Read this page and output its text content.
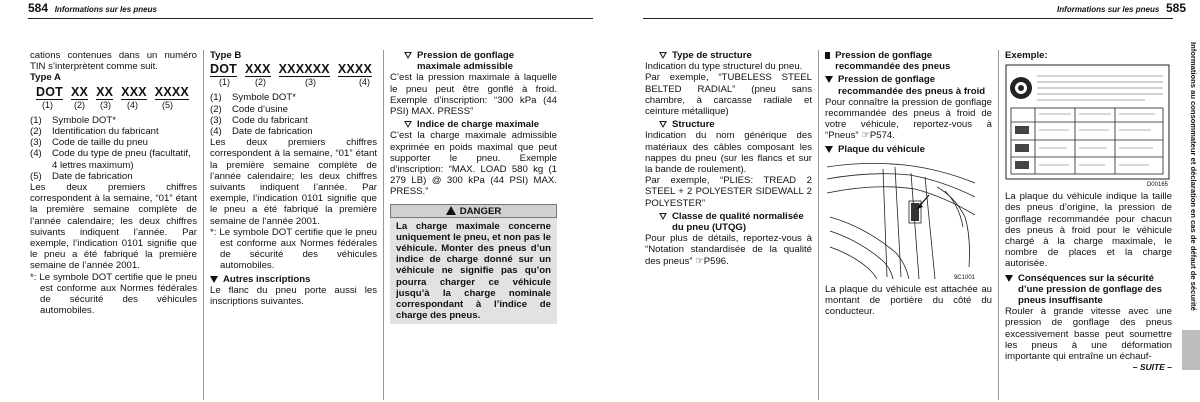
584 Informations sur les pneus
cations contenues dans un numéro TIN s’interprètent comme suit.
Type A
DOT XX XX XXX XXXX
(1)	(2)	(3)	(4)	(5)
(1)	Symbole DOT*
(2)	Identification du fabricant
(3)	Code de taille du pneu
(4)	Code du type de pneu (facultatif, 4 lettres maximum)
(5)	Date de fabrication
Les deux premiers chiffres correspondent à la semaine, “01” étant la première semaine complète de l’année calendaire; les deux chiffres suivants indiquent l’année. Par exemple, l’indication 0101 signifie que le pneu a été fabriqué la première semaine de l’année 2001.
*: Le symbole DOT certifie que le pneu est conforme aux Normes fédérales de sécurité des véhicules automobiles.
Type B
DOT XXX XXXXXX XXXX
(1)	(2)	(3)	(4)
(1)	Symbole DOT*
(2)	Code d’usine
(3)	Code du fabricant
(4)	Date de fabrication
Les deux premiers chiffres correspondent à la semaine, “01” étant la première semaine complète de l’année calendaire; les deux chiffres suivants indiquent l’année. Par exemple, l’indication 0101 signifie que le pneu a été fabriqué la première semaine de l’année 2001.
*: Le symbole DOT certifie que le pneu est conforme aux Normes fédérales de sécurité des véhicules automobiles.
Autres inscriptions
Le flanc du pneu porte aussi les inscriptions suivantes.
Pression de gonflage maximale admissible
C’est la pression maximale à laquelle le pneu peut être gonflé à froid. Exemple d’inscription: “300 kPa (44 PSI) MAX. PRESS”
Indice de charge maximale
C’est la charge maximale admissible exprimée en poids maximal que peut supporter le pneu. Exemple d’inscription: “MAX. LOAD 580 kg (1 279 LB) @ 300 kPa (44 PSI) MAX. PRESS.”
DANGER
La charge maximale concerne uniquement le pneu, et non pas le véhicule. Monter des pneus d’un indice de charge donné sur un véhicule ne signifie pas qu’on pourra charger ce véhicule jusqu’à la charge nominale correspondant à l’indice de charge des pneus.
Informations sur les pneus 585
Informations au consommateur et déclaration en cas de défaut de sécurité
Type de structure
Indication du type structurel du pneu.
Par exemple, “TUBELESS STEEL BELTED RADIAL” (pneu sans chambre, à carcasse radiale et ceinture métallique)
Structure
Indication du nom générique des matériaux des câbles composant les nappes du pneu (sur les flancs et sur la bande de roulement).
Par exemple, “PLIES: TREAD 2 STEEL + 2 POLYESTER SIDEWALL 2 POLYESTER”
Classe de qualité normalisée du pneu (UTQG)
Pour plus de détails, reportez-vous à “Notation standardisée de la qualité des pneus” ☞P596.
Pression de gonflage recommandée des pneus
Pression de gonflage recommandée des pneus à froid
Pour connaître la pression de gonflage recommandée des pneus à froid de votre véhicule, reportez-vous à “Pneus” ☞P574.
Plaque du véhicule
9C1001
La plaque du véhicule est attachée au montant de portière du côté du conducteur.
Exemple:
D00165
La plaque du véhicule indique la taille des pneus d’origine, la pression de gonflage recommandée pour chacun des pneus à froid pour le véhicule chargé à la charge maximale, le nombre de places et la charge autorisée.
Conséquences sur la sécurité d’une pression de gonflage des pneus insuffisante
Rouler à grande vitesse avec une pression de gonflage des pneus excessivement basse peut soumettre les pneus à une déformation importante qui entraîne un échauf-
– SUITE –
